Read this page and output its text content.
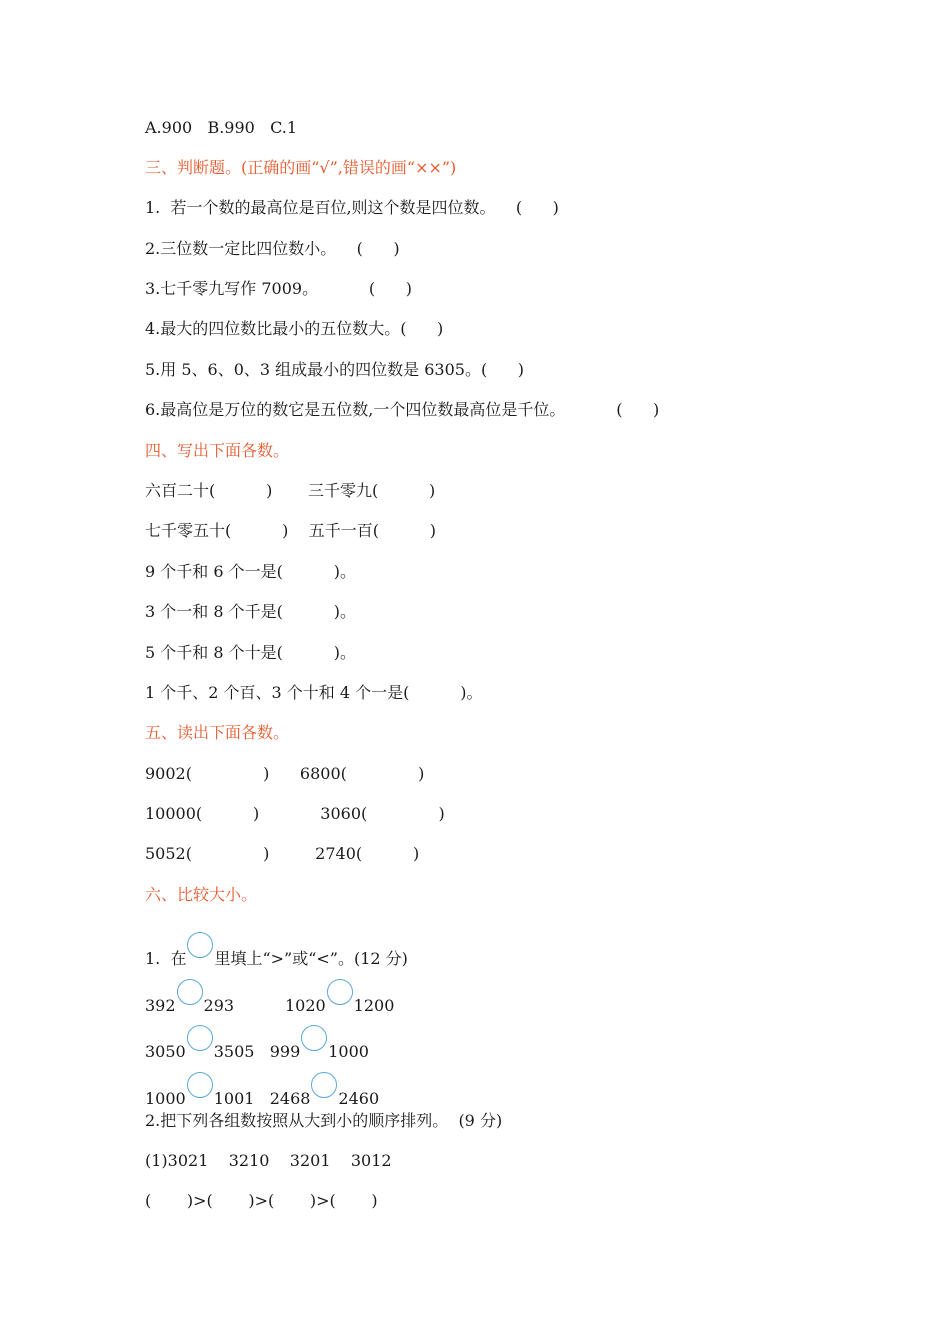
A.900   B.990   C.1
三、判断题。(正确的画“√”,错误的画“××”)
1.  若一个数的最高位是百位,则这个数是四位数。    (      )
2.三位数一定比四位数小。    (      )
3.七千零九写作 7009。          (      )
4.最大的四位数比最小的五位数大。(      )
5.用 5、6、0、3 组成最小的四位数是 6305。(      )
6.最高位是万位的数它是五位数,一个四位数最高位是千位。          (      )
四、写出下面各数。
六百二十(          )       三千零九(          )
七千零五十(          )    五千一百(          )
9 个千和 6 个一是(          )。
3 个一和 8 个千是(          )。
5 个千和 8 个十是(          )。
1 个千、2 个百、3 个十和 4 个一是(          )。
五、读出下面各数。
9002(              )      6800(              )
10000(          )            3060(              )
5052(              )         2740(          )
六、比较大小。
1.  在 里填上“>”或“<”。(12 分)
392 293	1020 1200
3050 3505 999 1000
1000 1001 2468 2460
2.把下列各组数按照从大到小的顺序排列。  (9 分)
(1)3021    3210    3201    3012
(       )>(       )>(       )>(       )
